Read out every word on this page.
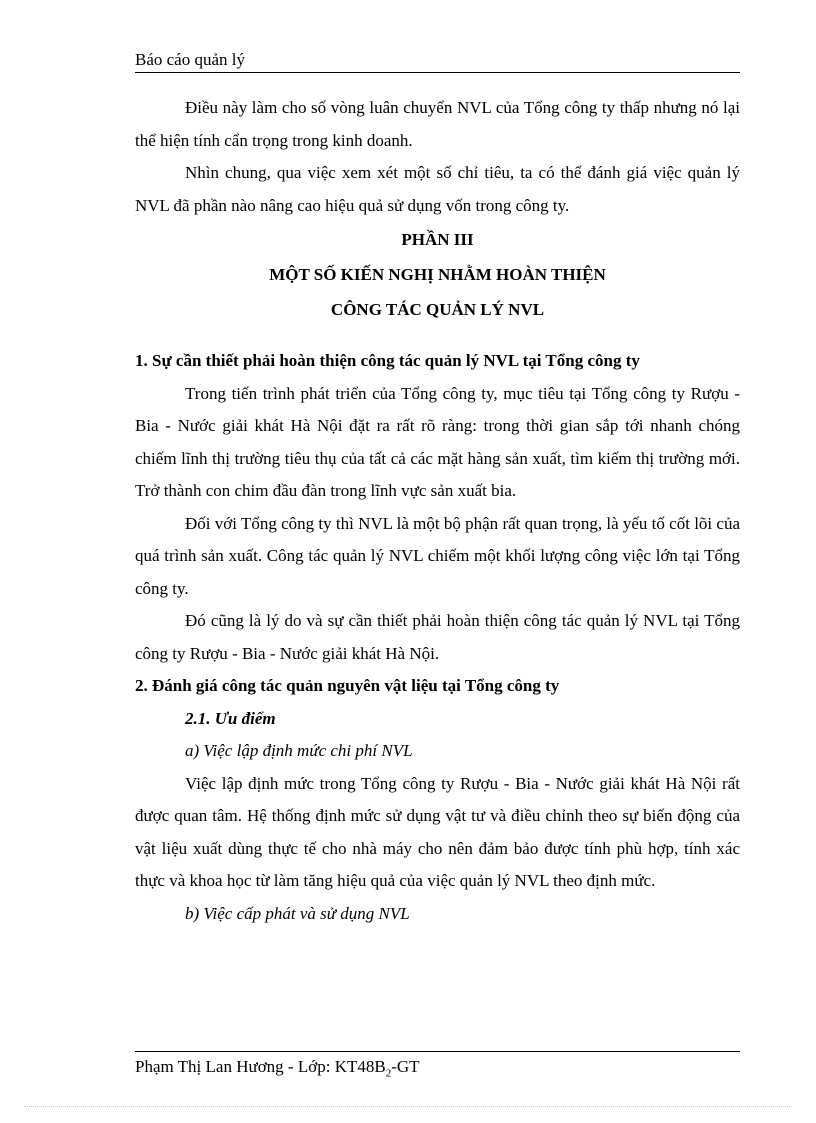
Báo cáo quản lý

Điều này làm cho số vòng luân chuyển NVL của Tổng công ty thấp nhưng nó lại thể hiện tính cẩn trọng trong kinh doanh.

Nhìn chung, qua việc xem xét một số chỉ tiêu, ta có thể đánh giá việc quản lý NVL đã phần nào nâng cao hiệu quả sử dụng vốn trong công ty.

PHẦN III

MỘT SỐ KIẾN NGHỊ NHẰM HOÀN THIỆN

CÔNG TÁC QUẢN LÝ NVL

1. Sự cần thiết phải hoàn thiện công tác quản lý NVL tại Tổng công ty

Trong tiến trình phát triển của Tổng công ty, mục tiêu tại Tổng công ty Rượu - Bia - Nước giải khát Hà Nội đặt ra rất rõ ràng: trong thời gian sắp tới nhanh chóng chiếm lĩnh thị trường tiêu thụ của tất cả các mặt hàng sản xuất, tìm kiếm thị trường mới. Trở thành con chim đầu đàn trong lĩnh vực sản xuất bia.

Đối với Tổng công ty thì NVL là một bộ phận rất quan trọng, là yếu tố cốt lõi của quá trình sản xuất. Công tác quản lý NVL chiếm một khối lượng công việc lớn tại Tổng công ty.

Đó cũng là lý do và sự cần thiết phải hoàn thiện công tác quản lý NVL tại Tổng công ty Rượu - Bia - Nước giải khát Hà Nội.

2. Đánh giá công tác quản nguyên vật liệu tại Tổng công ty

2.1. Ưu điểm

a) Việc lập định mức chi phí NVL

Việc lập định mức trong Tổng công ty Rượu - Bia - Nước giải khát Hà Nội rất được quan tâm. Hệ thống định mức sử dụng vật tư và điều chỉnh theo sự biến động của vật liệu xuất dùng thực tế cho nhà máy cho nên đảm bảo được tính phù hợp, tính xác thực và khoa học từ làm tăng hiệu quả của việc quản lý NVL theo định mức.

b) Việc cấp phát và sử dụng NVL

Phạm Thị Lan Hương - Lớp: $KT48B_2-GT$
